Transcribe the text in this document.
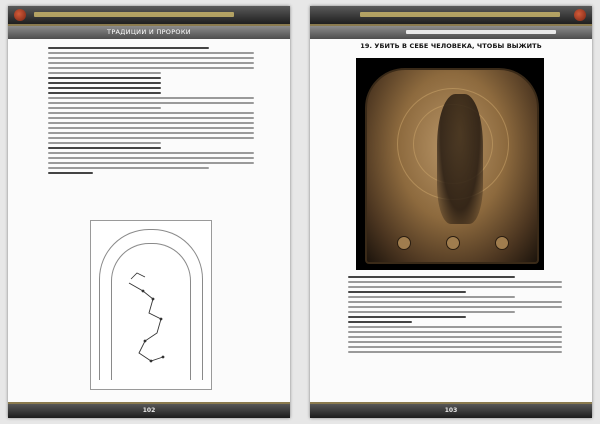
ТРАДИЦИИ И ПРОРОКИ
102
19. УБИТЬ В СЕБЕ ЧЕЛОВЕКА, ЧТОБЫ ВЫЖИТЬ
103
